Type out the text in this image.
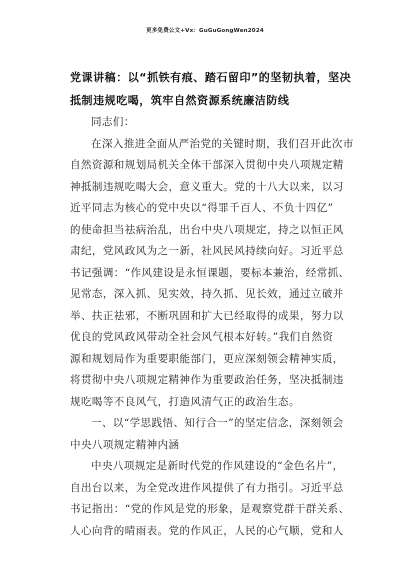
更多免费公文+Vx：GuGuGongWen2024
党课讲稿：以“抓铁有痕、踏石留印”的坚韧执着，坚决
抵制违规吃喝，筑牢自然资源系统廉洁防线
同志们：
在深入推进全面从严治党的关键时期，我们召开此次市
自然资源和规划局机关全体干部深入贯彻中央八项规定精
神抵制违规吃喝大会，意义重大。党的十八大以来，以习
近平同志为核心的党中央以“得罪千百人、不负十四亿”
的使命担当祛病治乱，出台中央八项规定，持之以恒正风
肃纪，党风政风为之一新，社风民风持续向好。习近平总
书记强调：“作风建设是永恒课题，要标本兼治，经常抓、
见常态，深入抓、见实效，持久抓、见长效，通过立破并
举、扶正祛邪，不断巩固和扩大已经取得的成果，努力以
优良的党风政风带动全社会风气根本好转。”我们自然资
源和规划局作为重要职能部门，更应深刻领会精神实质，
将贯彻中央八项规定精神作为重要政治任务，坚决抵制违
规吃喝等不良风气，打造风清气正的政治生态。
一、以“学思践悟、知行合一”的坚定信念，深刻领会
中央八项规定精神内涵
中央八项规定是新时代党的作风建设的“金色名片”，
自出台以来，为全党改进作风提供了有力指引。习近平总
书记指出：“党的作风是党的形象，是观察党群干群关系、
人心向背的晴雨表。党的作风正，人民的心气顺，党和人
